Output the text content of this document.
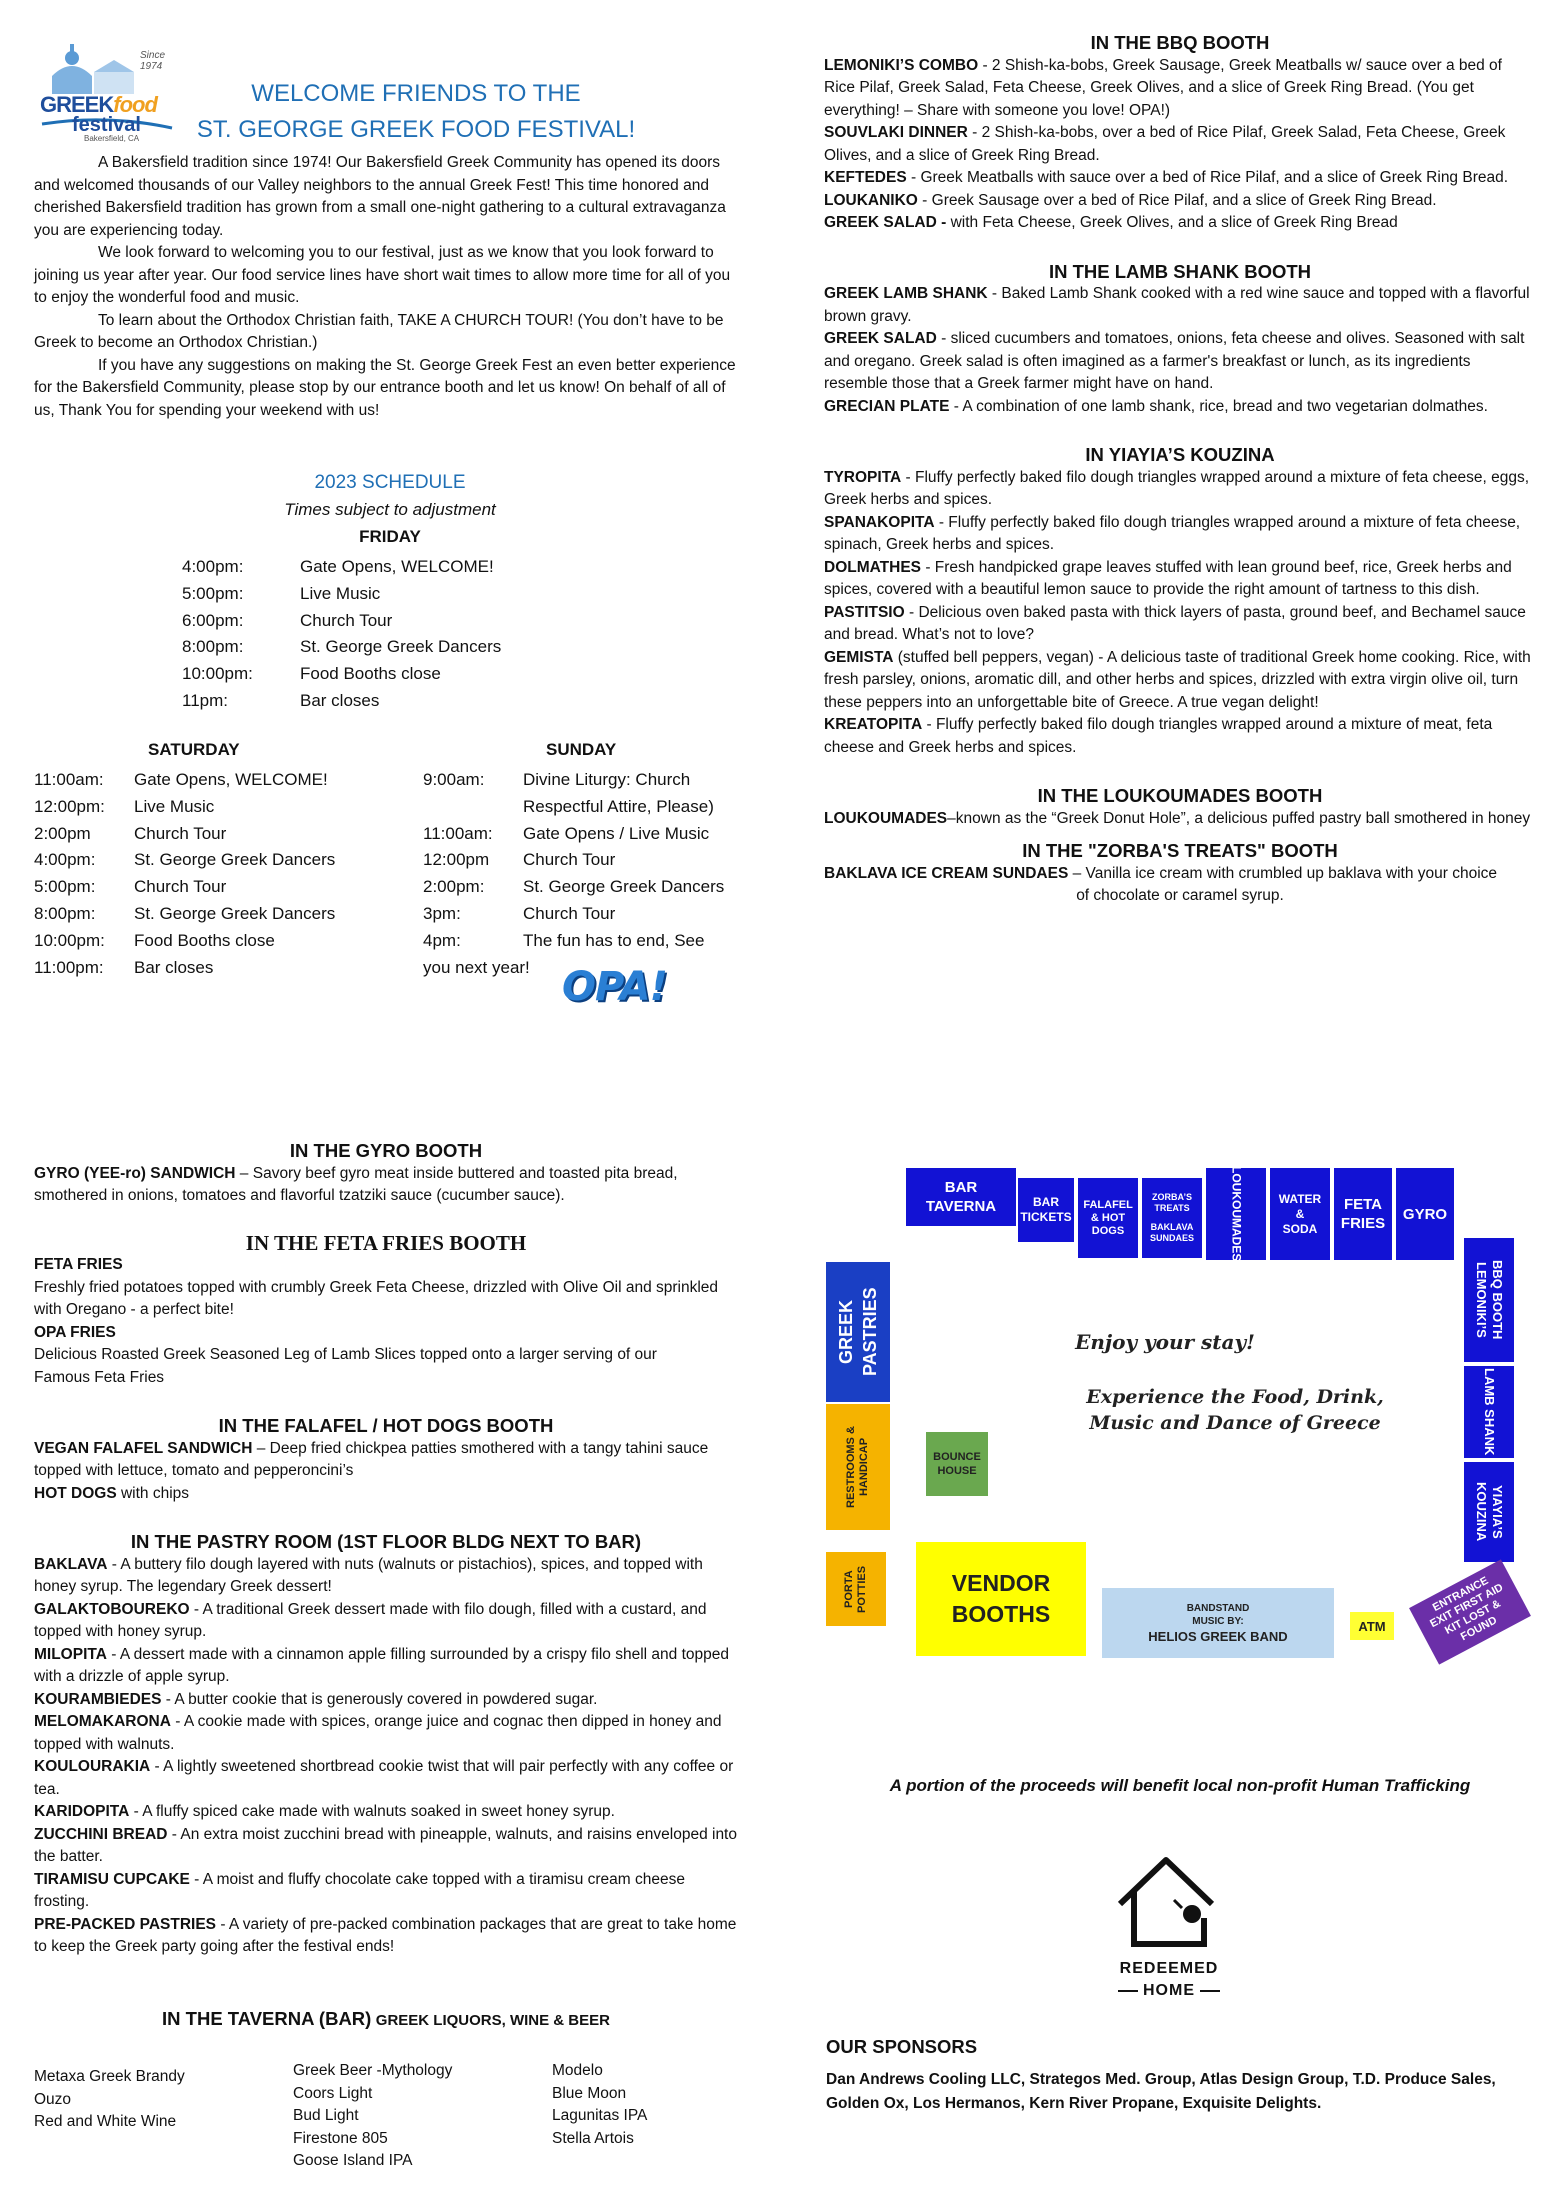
Since 1974
GREEKfood
festival
Bakersfield, CA
WELCOME FRIENDS TO THE
ST. GEORGE GREEK FOOD FESTIVAL!

A Bakersfield tradition since 1974! Our Bakersfield Greek Community has opened its doors and welcomed thousands of our Valley neighbors to the annual Greek Fest! This time honored and cherished Bakersfield tradition has grown from a small one-night gathering to a cultural extravaganza you are experiencing today.

We look forward to welcoming you to our festival, just as we know that you look forward to joining us year after year. Our food service lines have short wait times to allow more time for all of you to enjoy the wonderful food and music.

To learn about the Orthodox Christian faith, TAKE A CHURCH TOUR! (You don’t have to be Greek to become an Orthodox Christian.)

If you have any suggestions on making the St. George Greek Fest an even better experience for the Bakersfield Community, please stop by our entrance booth and let us know! On behalf of all of us, Thank You for spending your weekend with us!

2023 SCHEDULE
Times subject to adjustment
FRIDAY
4:00pm:	Gate Opens, WELCOME!
5:00pm:	Live Music
6:00pm:	Church Tour
8:00pm:	St. George Greek Dancers
10:00pm:	Food Booths close
11pm:	Bar closes
SATURDAY	SUNDAY
11:00am:	Gate Opens, WELCOME!
12:00pm:	Live Music
2:00pm	Church Tour
4:00pm:	St. George Greek Dancers
5:00pm:	Church Tour
8:00pm:	St. George Greek Dancers
10:00pm:	Food Booths close
11:00pm:	Bar closes
9:00am:	Divine Liturgy: Church
Respectful Attire, Please)
11:00am:	Gate Opens / Live Music
12:00pm	Church Tour
2:00pm:	St. George Greek Dancers
3pm:	Church Tour
4pm:	The fun has to end, See
you next year! OPA!

IN THE BBQ BOOTH

LEMONIKI’S COMBO - 2 Shish-ka-bobs, Greek Sausage, Greek Meatballs w/ sauce over a bed of Rice Pilaf, Greek Salad, Feta Cheese, Greek Olives, and a slice of Greek Ring Bread. (You get everything! – Share with someone you love! OPA!)

SOUVLAKI DINNER - 2 Shish-ka-bobs, over a bed of Rice Pilaf, Greek Salad, Feta Cheese, Greek Olives, and a slice of Greek Ring Bread.

KEFTEDES - Greek Meatballs with sauce over a bed of Rice Pilaf, and a slice of Greek Ring Bread.

LOUKANIKO - Greek Sausage over a bed of Rice Pilaf, and a slice of Greek Ring Bread.

GREEK SALAD - with Feta Cheese, Greek Olives, and a slice of Greek Ring Bread

IN THE LAMB SHANK BOOTH

GREEK LAMB SHANK - Baked Lamb Shank cooked with a red wine sauce and topped with a flavorful brown gravy.

GREEK SALAD - sliced cucumbers and tomatoes, onions, feta cheese and olives. Seasoned with salt and oregano. Greek salad is often imagined as a farmer's breakfast or lunch, as its ingredients resemble those that a Greek farmer might have on hand.

GRECIAN PLATE - A combination of one lamb shank, rice, bread and two vegetarian dolmathes.

IN YIAYIA’S KOUZINA

TYROPITA - Fluffy perfectly baked filo dough triangles wrapped around a mixture of feta cheese, eggs, Greek herbs and spices.

SPANAKOPITA - Fluffy perfectly baked filo dough triangles wrapped around a mixture of feta cheese, spinach, Greek herbs and spices.

DOLMATHES - Fresh handpicked grape leaves stuffed with lean ground beef, rice, Greek herbs and spices, covered with a beautiful lemon sauce to provide the right amount of tartness to this dish.

PASTITSIO - Delicious oven baked pasta with thick layers of pasta, ground beef, and Bechamel sauce and bread. What’s not to love?

GEMISTA (stuffed bell peppers, vegan) - A delicious taste of traditional Greek home cooking. Rice, with fresh parsley, onions, aromatic dill, and other herbs and spices, drizzled with extra virgin olive oil, turn these peppers into an unforgettable bite of Greece. A true vegan delight!

KREATOPITA - Fluffy perfectly baked filo dough triangles wrapped around a mixture of meat, feta cheese and Greek herbs and spices.

IN THE LOUKOUMADES BOOTH

LOUKOUMADES–known as the “Greek Donut Hole”, a delicious puffed pastry ball smothered in honey

IN THE "ZORBA'S TREATS" BOOTH

BAKLAVA ICE CREAM SUNDAES – Vanilla ice cream with crumbled up baklava with your choice

of chocolate or caramel syrup.

IN THE GYRO BOOTH

GYRO (YEE-ro) SANDWICH – Savory beef gyro meat inside buttered and toasted pita bread, smothered in onions, tomatoes and flavorful tzatziki sauce (cucumber sauce).

IN THE FETA FRIES BOOTH

FETA FRIES

Freshly fried potatoes topped with crumbly Greek Feta Cheese, drizzled with Olive Oil and sprinkled with Oregano - a perfect bite!

OPA FRIES

Delicious Roasted Greek Seasoned Leg of Lamb Slices topped onto a larger serving of our Famous Feta Fries

IN THE FALAFEL / HOT DOGS BOOTH

VEGAN FALAFEL SANDWICH – Deep fried chickpea patties smothered with a tangy tahini sauce topped with lettuce, tomato and pepperoncini’s

HOT DOGS with chips

IN THE PASTRY ROOM (1ST FLOOR BLDG NEXT TO BAR)

BAKLAVA - A buttery filo dough layered with nuts (walnuts or pistachios), spices, and topped with honey syrup. The legendary Greek dessert!

GALAKTOBOUREKO - A traditional Greek dessert made with filo dough, filled with a custard, and topped with honey syrup.

MILOPITA - A dessert made with a cinnamon apple filling surrounded by a crispy filo shell and topped with a drizzle of apple syrup.

KOURAMBIEDES - A butter cookie that is generously covered in powdered sugar.

MELOMAKARONA - A cookie made with spices, orange juice and cognac then dipped in honey and topped with walnuts.

KOULOURAKIA - A lightly sweetened shortbread cookie twist that will pair perfectly with any coffee or tea.

KARIDOPITA - A fluffy spiced cake made with walnuts soaked in sweet honey syrup.

ZUCCHINI BREAD - An extra moist zucchini bread with pineapple, walnuts, and raisins enveloped into the batter.

TIRAMISU CUPCAKE - A moist and fluffy chocolate cake topped with a tiramisu cream cheese frosting.

PRE-PACKED PASTRIES - A variety of pre-packed combination packages that are great to take home to keep the Greek party going after the festival ends!

IN THE TAVERNA (BAR) GREEK LIQUORS, WINE & BEER
Metaxa Greek Brandy
Ouzo
Red and White Wine
Greek Beer -Mythology
Coors Light
Bud Light
Firestone 805
Goose Island IPA
Modelo
Blue Moon
Lagunitas IPA
Stella Artois
BAR TAVERNA	BAR TICKETS
FALAFEL & HOT DOGS
ZORBA’S TREATS
BAKLAVA SUNDAES	LOUKOUMADES	WATER & SODA
FETA FRIES
GYRO
BBQ BOOTH LEMONIKI’S
LAMB SHANK
YIAYIA’S KOUZINA
GREEK PASTRIES
RESTROOMS & HANDICAP	BOUNCE HOUSE
PORTA POTTIES	VENDOR BOOTHS	BANDSTAND
MUSIC BY:
HELIOS GREEK BAND
ATM
ENTRANCE EXIT FIRST AID KIT LOST & FOUND
Enjoy your stay!
Experience the Food, Drink, Music and Dance of Greece
A portion of the proceeds will benefit local non-profit Human Trafficking
REDEEMED
HOME
OUR SPONSORS
Dan Andrews Cooling LLC, Strategos Med. Group, Atlas Design Group, T.D. Produce Sales, Golden Ox, Los Hermanos, Kern River Propane, Exquisite Delights.
